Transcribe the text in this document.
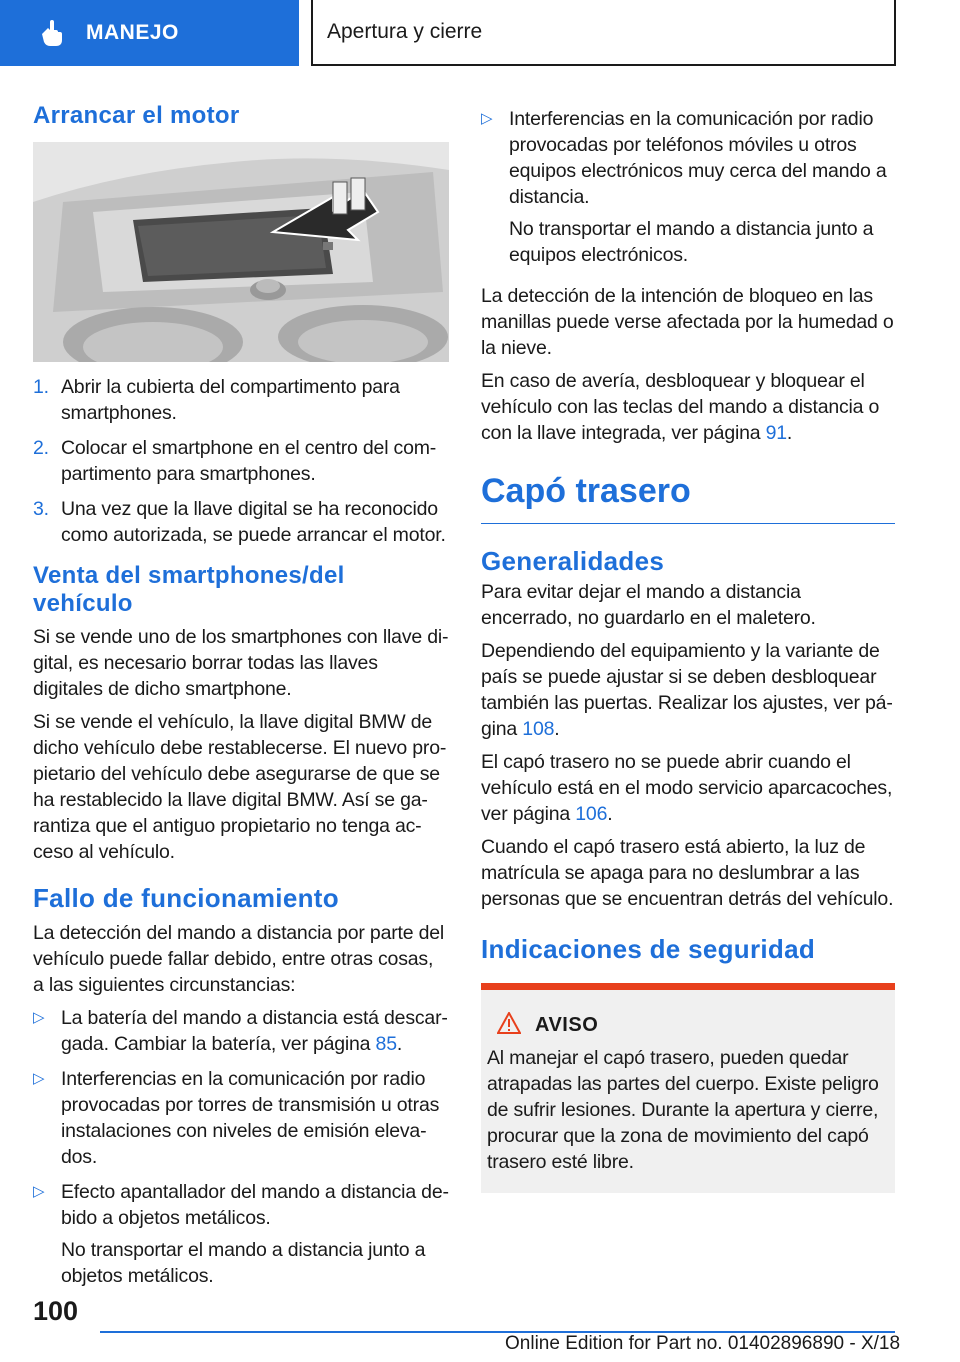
MANEJO	Apertura y cierre
Arrancar el motor
1. Abrir la cubierta del compartimento para smartphones.
2. Colocar el smartphone en el centro del compartimento para smartphones.
3. Una vez que la llave digital se ha reconocido como autorizada, se puede arrancar el motor.
Venta del smartphones/del vehículo

Si se vende uno de los smartphones con llave digital, es necesario borrar todas las llaves digitales de dicho smartphone.

Si se vende el vehículo, la llave digital BMW de dicho vehículo debe restablecerse. El nuevo propietario del vehículo debe asegurarse de que se ha restablecido la llave digital BMW. Así se garantiza que el antiguo propietario no tenga acceso al vehículo.

Fallo de funcionamiento

La detección del mando a distancia por parte del vehículo puede fallar debido, entre otras cosas, a las siguientes circunstancias:

▷ La batería del mando a distancia está descargada. Cambiar la batería, ver página 85.
▷ Interferencias en la comunicación por radio provocadas por torres de transmisión u otras instalaciones con niveles de emisión elevados.
▷ Efecto apantallador del mando a distancia debido a objetos metálicos.

No transportar el mando a distancia junto a objetos metálicos.

▷ Interferencias en la comunicación por radio provocadas por teléfonos móviles u otros equipos electrónicos muy cerca del mando a distancia.

No transportar el mando a distancia junto a equipos electrónicos.

La detección de la intención de bloqueo en las manillas puede verse afectada por la humedad o la nieve.

En caso de avería, desbloquear y bloquear el vehículo con las teclas del mando a distancia o con la llave integrada, ver página 91.

Capó trasero
Generalidades

Para evitar dejar el mando a distancia encerrado, no guardarlo en el maletero.

Dependiendo del equipamiento y la variante de país se puede ajustar si se deben desbloquear también las puertas. Realizar los ajustes, ver página 108.

El capó trasero no se puede abrir cuando el vehículo está en el modo servicio aparcacoches, ver página 106.

Cuando el capó trasero está abierto, la luz de matrícula se apaga para no deslumbrar a las personas que se encuentran detrás del vehículo.

Indicaciones de seguridad
AVISO

Al manejar el capó trasero, pueden quedar atrapadas las partes del cuerpo. Existe peligro de sufrir lesiones. Durante la apertura y cierre, procurar que la zona de movimiento del capó trasero esté libre.

100
Online Edition for Part no. 01402896890 - X/18
